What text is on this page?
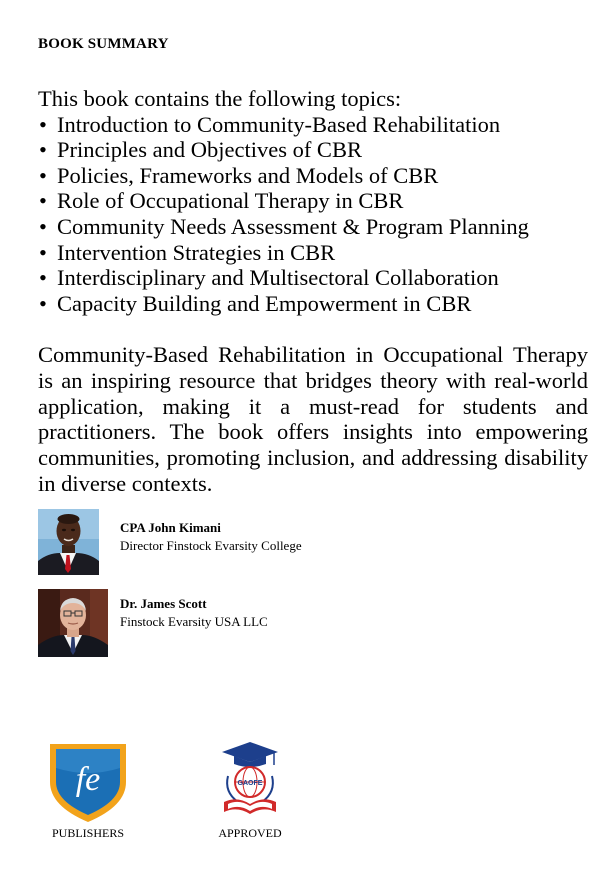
BOOK SUMMARY
This book contains the following topics:
• Introduction to Community-Based Rehabilitation
• Principles and Objectives of CBR
• Policies, Frameworks and Models of CBR
• Role of Occupational Therapy in CBR
• Community Needs Assessment & Program Planning
• Intervention Strategies in CBR
• Interdisciplinary and Multisectoral Collaboration
• Capacity Building and Empowerment in CBR

Community-Based Rehabilitation in Occupational Therapy is an inspiring resource that bridges theory with real-world application, making it a must-read for students and practitioners. The book offers insights into empowering communities, promoting inclusion, and addressing disability in diverse contexts.

CPA John Kimani
Director Finstock Evarsity College
Dr. James Scott
Finstock Evarsity USA LLC
fe
PUBLISHERS
GAOFE
APPROVED
